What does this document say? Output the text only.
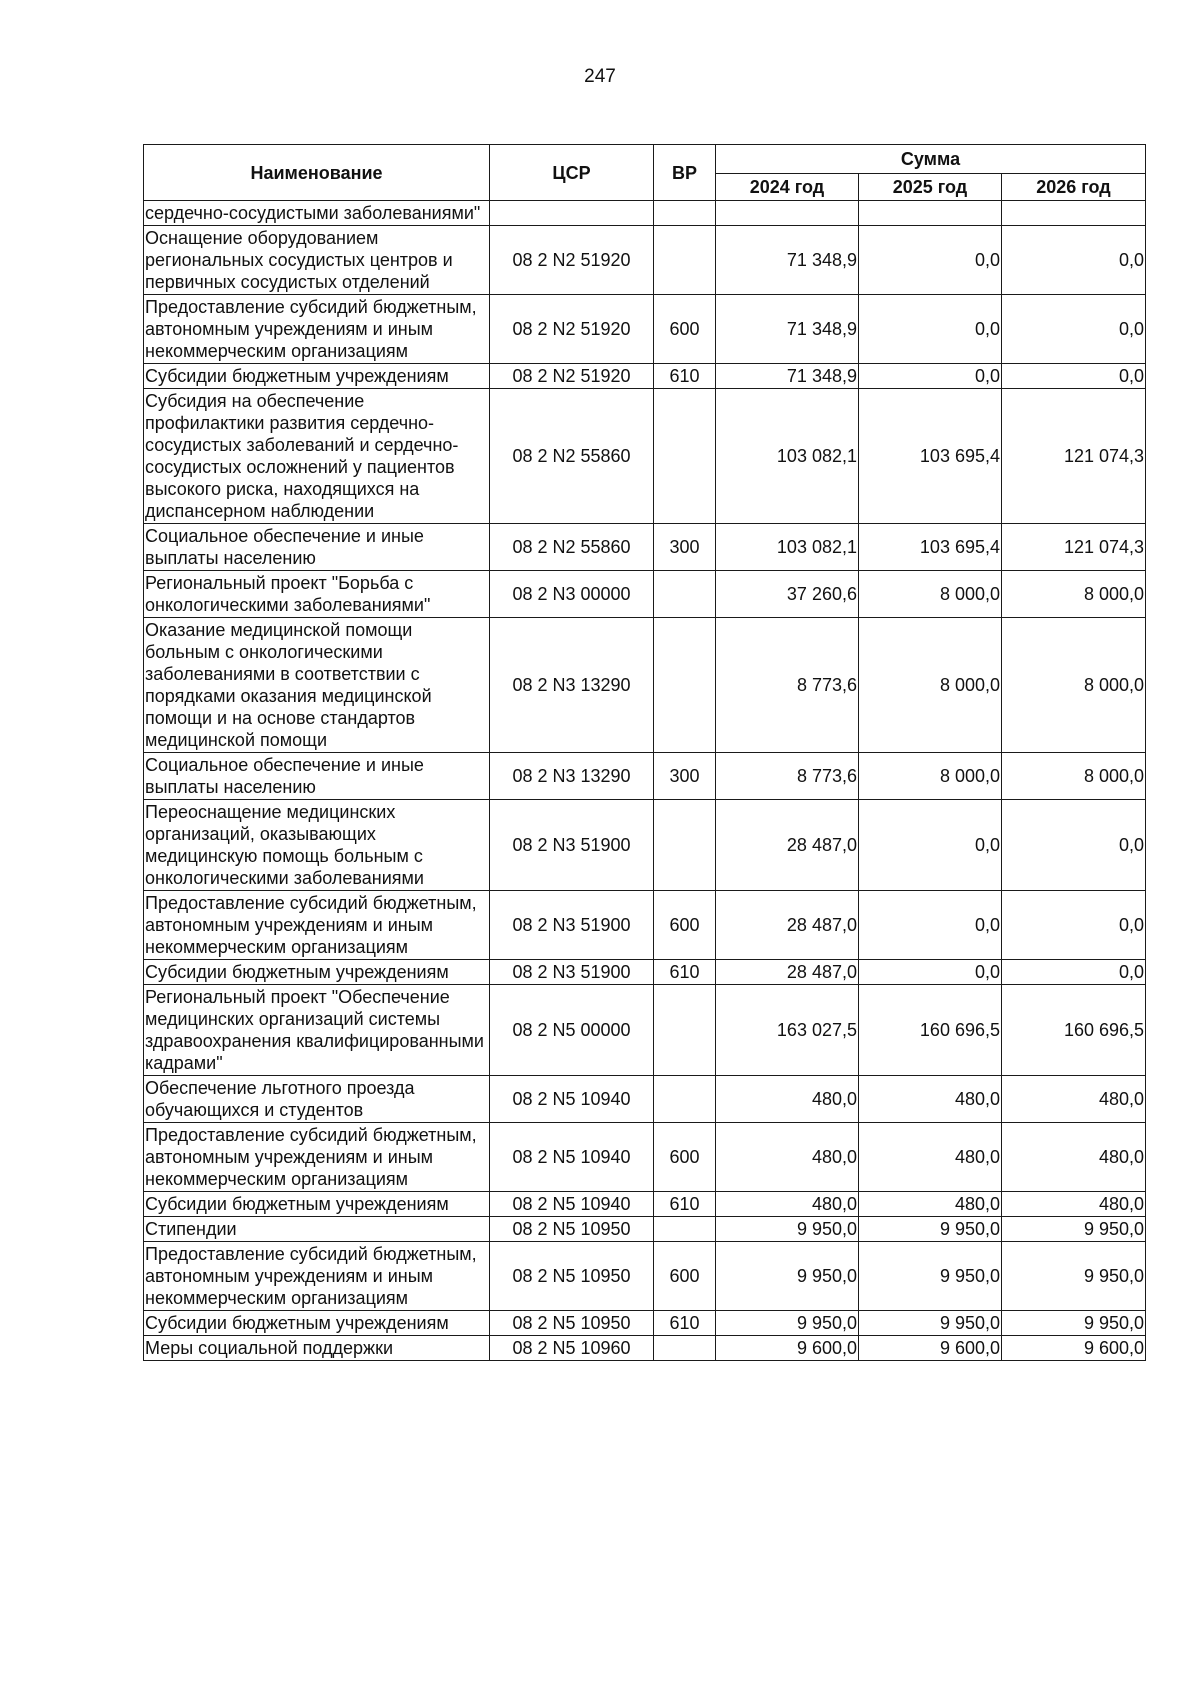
247
Наименование	ЦСР	ВР	Сумма		
			2024 год	2025 год	2026 год
сердечно-сосудистыми заболеваниями"					
Оснащение оборудованием региональных сосудистых центров и первичных сосудистых отделений	08 2 N2 51920		71 348,9	0,0	0,0
Предоставление субсидий бюджетным, автономным учреждениям и иным некоммерческим организациям	08 2 N2 51920	600	71 348,9	0,0	0,0
Субсидии бюджетным учреждениям	08 2 N2 51920	610	71 348,9	0,0	0,0
Субсидия на обеспечение профилактики развития сердечно-сосудистых заболеваний и сердечно-сосудистых осложнений у пациентов высокого риска, находящихся на диспансерном наблюдении	08 2 N2 55860		103 082,1	103 695,4	121 074,3
Социальное обеспечение и иные выплаты населению	08 2 N2 55860	300	103 082,1	103 695,4	121 074,3
Региональный проект "Борьба с онкологическими заболеваниями"	08 2 N3 00000		37 260,6	8 000,0	8 000,0
Оказание медицинской помощи больным с онкологическими заболеваниями в соответствии с порядками оказания медицинской помощи и на основе стандартов медицинской помощи	08 2 N3 13290		8 773,6	8 000,0	8 000,0
Социальное обеспечение и иные выплаты населению	08 2 N3 13290	300	8 773,6	8 000,0	8 000,0
Переоснащение медицинских организаций, оказывающих медицинскую помощь больным с онкологическими заболеваниями	08 2 N3 51900		28 487,0	0,0	0,0
Предоставление субсидий бюджетным, автономным учреждениям и иным некоммерческим организациям	08 2 N3 51900	600	28 487,0	0,0	0,0
Субсидии бюджетным учреждениям	08 2 N3 51900	610	28 487,0	0,0	0,0
Региональный проект "Обеспечение медицинских организаций системы здравоохранения квалифицированными кадрами"	08 2 N5 00000		163 027,5	160 696,5	160 696,5
Обеспечение льготного проезда обучающихся и студентов	08 2 N5 10940		480,0	480,0	480,0
Предоставление субсидий бюджетным, автономным учреждениям и иным некоммерческим организациям	08 2 N5 10940	600	480,0	480,0	480,0
Субсидии бюджетным учреждениям	08 2 N5 10940	610	480,0	480,0	480,0
Стипендии	08 2 N5 10950		9 950,0	9 950,0	9 950,0
Предоставление субсидий бюджетным, автономным учреждениям и иным некоммерческим организациям	08 2 N5 10950	600	9 950,0	9 950,0	9 950,0
Субсидии бюджетным учреждениям	08 2 N5 10950	610	9 950,0	9 950,0	9 950,0
Меры социальной поддержки	08 2 N5 10960		9 600,0	9 600,0	9 600,0
